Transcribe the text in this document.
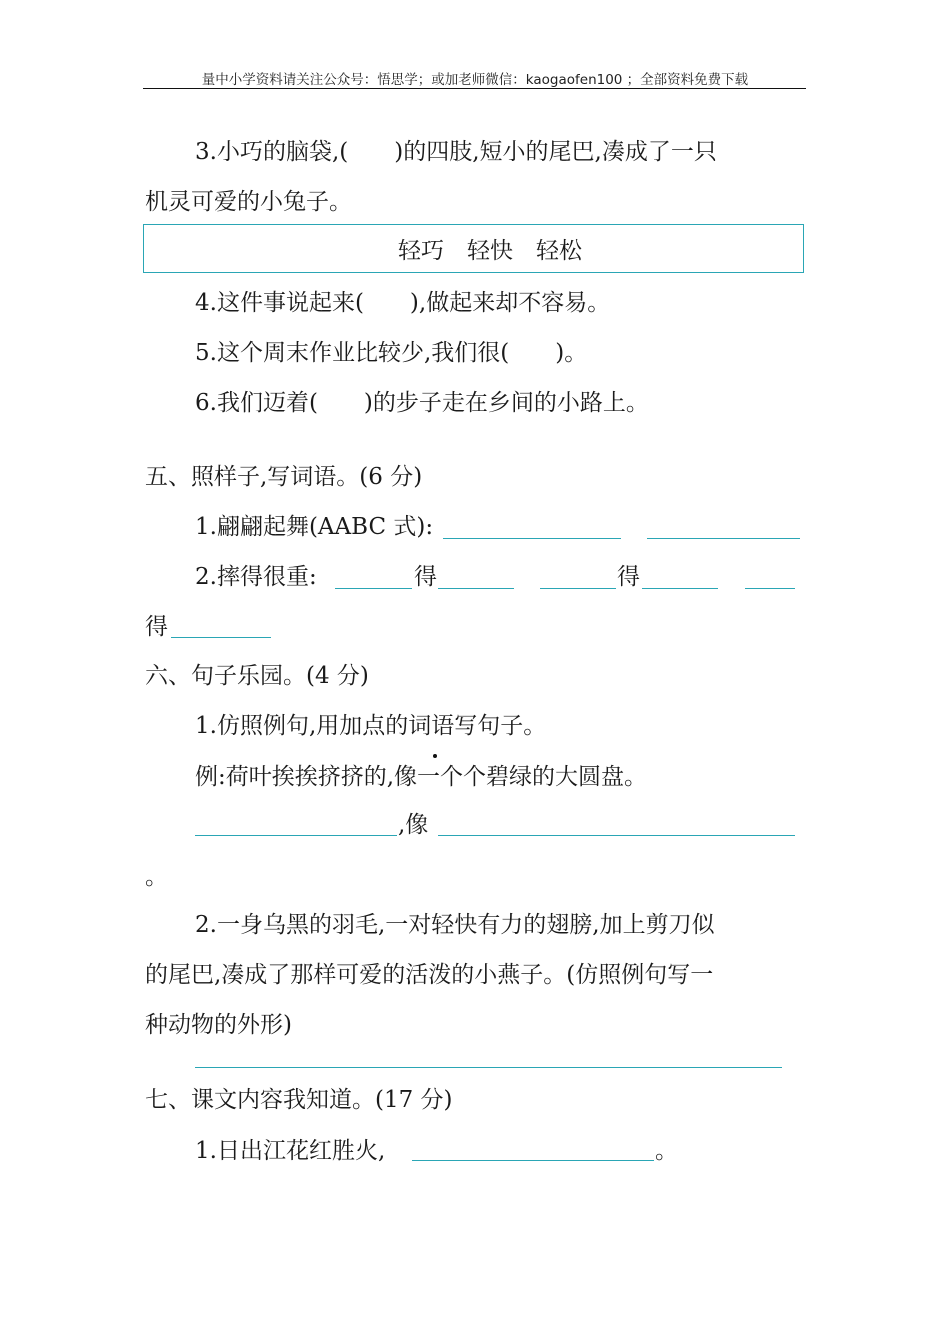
量中小学资料请关注公众号：悟思学；或加老师微信：kaogaofen100 ；全部资料免费下载
3.小巧的脑袋,(　　)的四肢,短小的尾巴,凑成了一只
机灵可爱的小兔子。
轻巧　轻快　轻松
4.这件事说起来(　　),做起来却不容易。
5.这个周末作业比较少,我们很(　　)。
6.我们迈着(　　)的步子走在乡间的小路上。
五、照样子,写词语。(6 分)
1.翩翩起舞(AABC 式):
2.摔得很重:	得	得
得
六、句子乐园。(4 分)
1.仿照例句,用加点的词语写句子。
例:荷叶挨挨挤挤的,像一个个碧绿的大圆盘。
,像
。
2.一身乌黑的羽毛,一对轻快有力的翅膀,加上剪刀似
的尾巴,凑成了那样可爱的活泼的小燕子。(仿照例句写一
种动物的外形)
七、课文内容我知道。(17 分)
1.日出江花红胜火,	。
